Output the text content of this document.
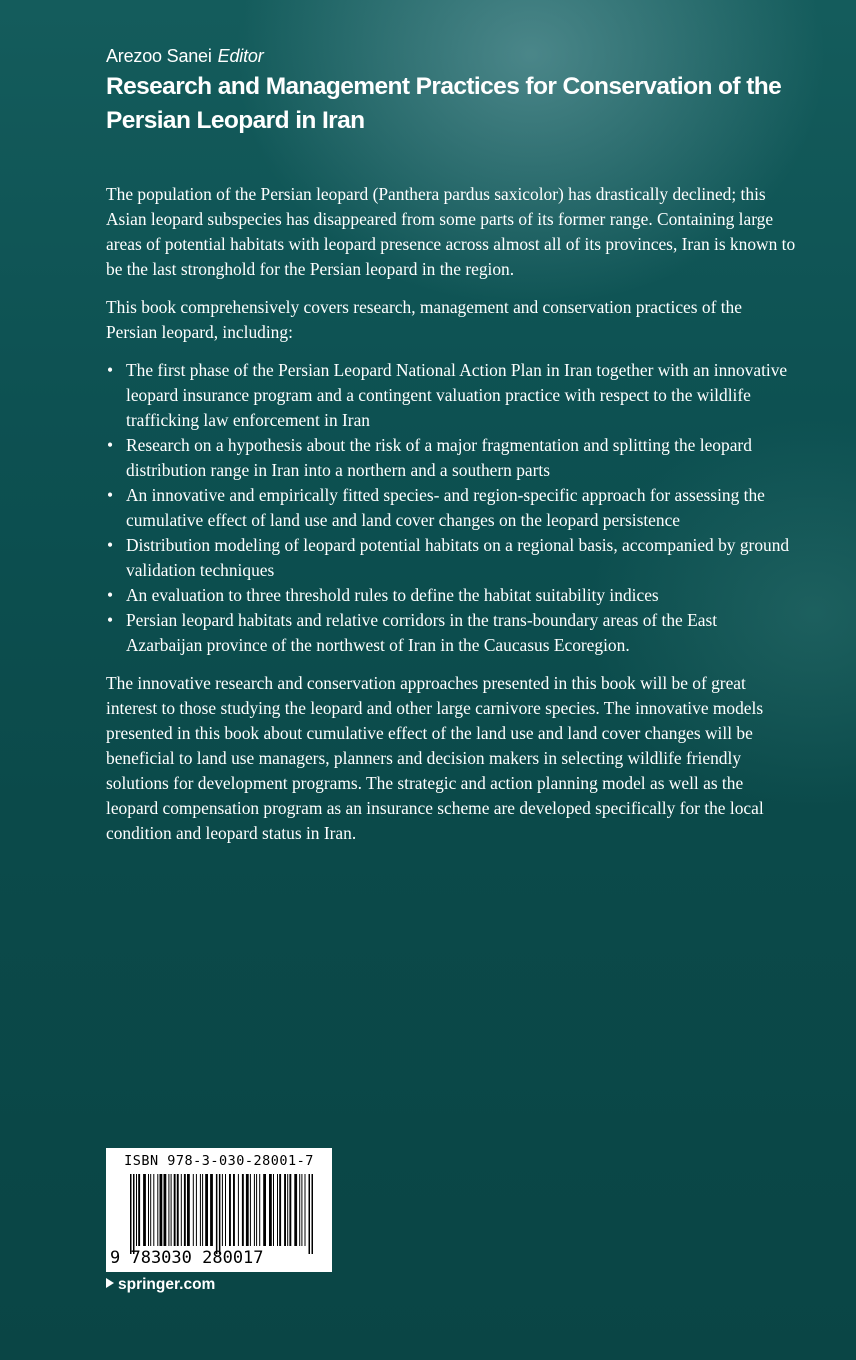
Arezoo Sanei Editor
Research and Management Practices for Conservation of the Persian Leopard in Iran

The population of the Persian leopard (Panthera pardus saxicolor) has drastically declined; this Asian leopard subspecies has disappeared from some parts of its former range. Containing large areas of potential habitats with leopard presence across almost all of its provinces, Iran is known to be the last stronghold for the Persian leopard in the region.

This book comprehensively covers research, management and conservation practices of the Persian leopard, including:

• The first phase of the Persian Leopard National Action Plan in Iran together with an innovative leopard insurance program and a contingent valuation practice with respect to the wildlife trafficking law enforcement in Iran
• Research on a hypothesis about the risk of a major fragmentation and splitting the leopard distribution range in Iran into a northern and a southern parts
• An innovative and empirically fitted species- and region-specific approach for assessing the cumulative effect of land use and land cover changes on the leopard persistence
• Distribution modeling of leopard potential habitats on a regional basis, accompanied by ground validation techniques
• An evaluation to three threshold rules to define the habitat suitability indices
• Persian leopard habitats and relative corridors in the trans-boundary areas of the East Azarbaijan province of the northwest of Iran in the Caucasus Ecoregion.

The innovative research and conservation approaches presented in this book will be of great interest to those studying the leopard and other large carnivore species. The innovative models presented in this book about cumulative effect of the land use and land cover changes will be beneficial to land use managers, planners and decision makers in selecting wildlife friendly solutions for development programs. The strategic and action planning model as well as the leopard compensation program as an insurance scheme are developed specifically for the local condition and leopard status in Iran.

ISBN 978-3-030-28001-7
9 783030 280017
springer.com
